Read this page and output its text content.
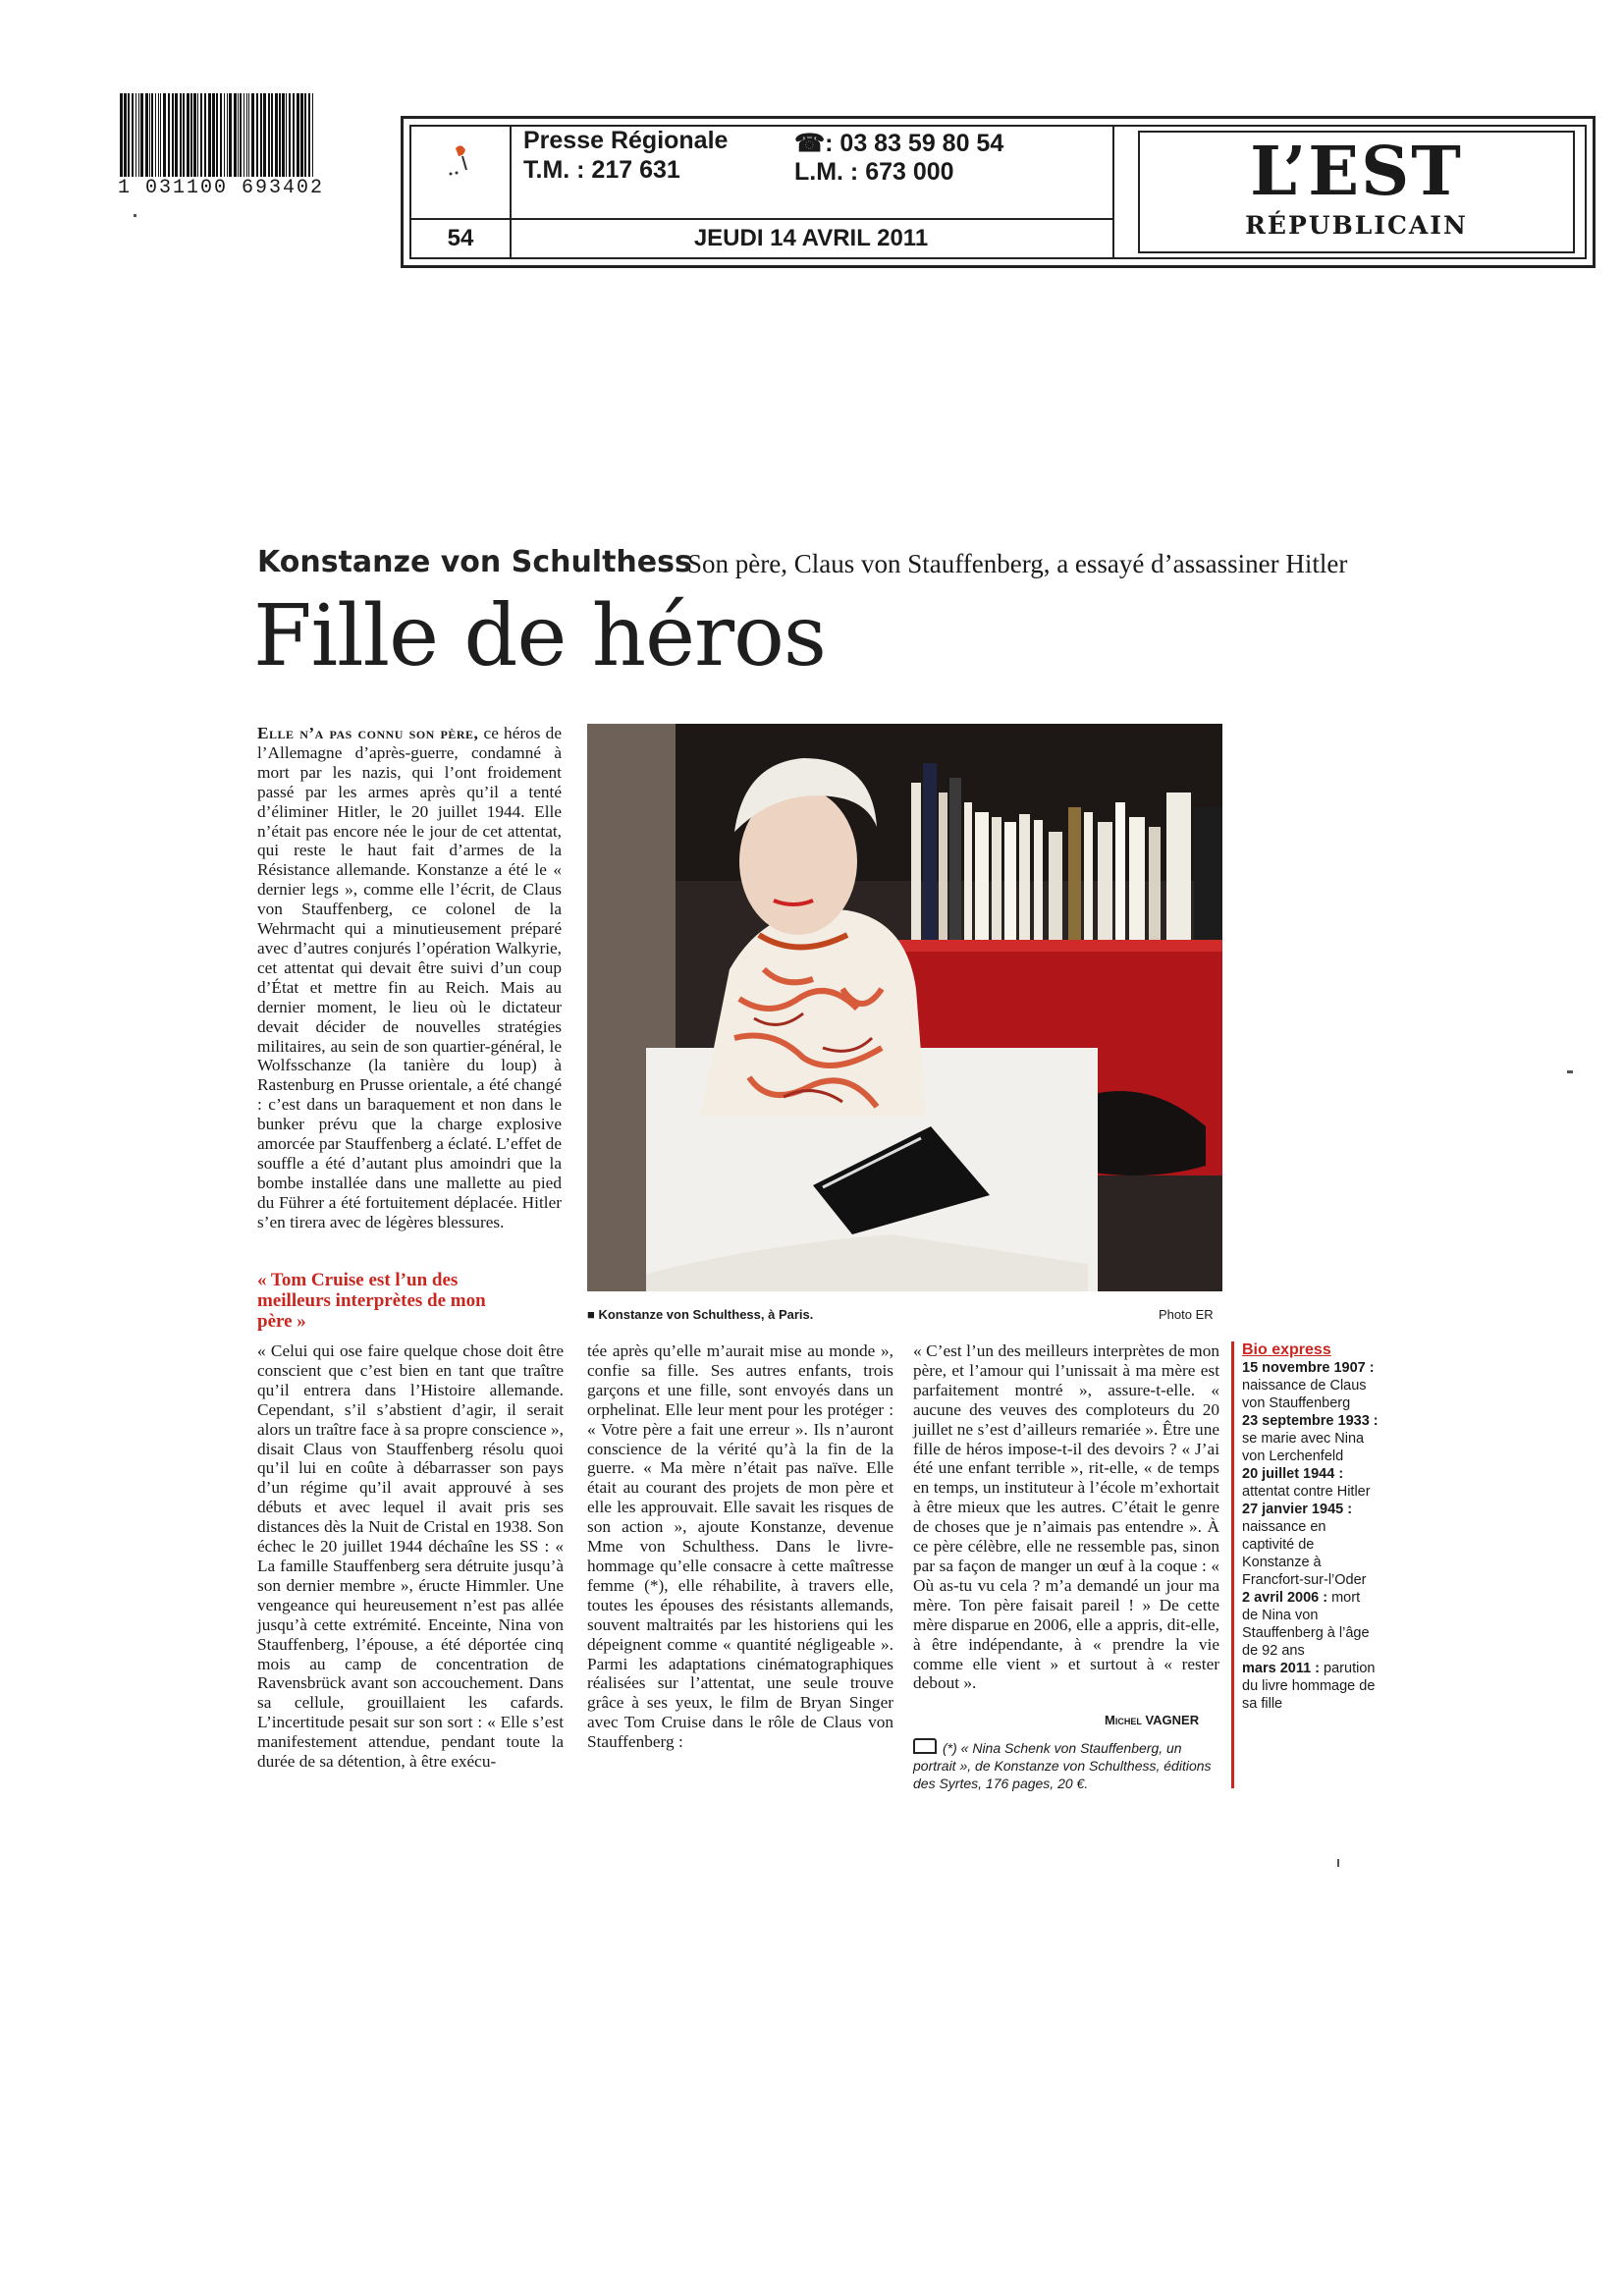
1 031100 693402
54
Presse Régionale	☎: 03 83 59 80 54
T.M. : 217 631	L.M. : 673 000
JEUDI 14 AVRIL 2011
L’EST
RÉPUBLICAIN
Konstanze von Schulthess
Son père, Claus von Stauffenberg, a essayé d’assassiner Hitler
Fille de héros
Elle n’a pas connu son père, ce héros de l’Allemagne d’après-guerre, condamné à mort par les nazis, qui l’ont froidement passé par les armes après qu’il a tenté d’éliminer Hitler, le 20 juillet 1944. Elle n’était pas encore née le jour de cet attentat, qui reste le haut fait d’armes de la Résistance allemande. Konstanze a été le « dernier legs », comme elle l’écrit, de Claus von Stauffenberg, ce colonel de la Wehrmacht qui a minutieusement préparé avec d’autres conjurés l’opération Walkyrie, cet attentat qui devait être suivi d’un coup d’État et mettre fin au Reich. Mais au dernier moment, le lieu où le dictateur devait décider de nouvelles stratégies militaires, au sein de son quartier-général, le Wolfsschanze (la tanière du loup) à Rastenburg en Prusse orientale, a été changé : c’est dans un baraquement et non dans le bunker prévu que la charge explosive amorcée par Stauffenberg a éclaté. L’effet de souffle a été d’autant plus amoindri que la bombe installée dans une mallette au pied du Führer a été fortuitement déplacée. Hitler s’en tirera avec de légères blessures.
« Tom Cruise est l’un des meilleurs interprètes de mon père »	■ Konstanze von Schulthess, à Paris.	Photo ER
« Celui qui ose faire quelque chose doit être conscient que c’est bien en tant que traître qu’il entrera dans l’Histoire allemande. Cependant, s’il s’abstient d’agir, il serait alors un traître face à sa propre conscience », disait Claus von Stauffenberg résolu quoi qu’il lui en coûte à débarrasser son pays d’un régime qu’il avait approuvé à ses débuts et avec lequel il avait pris ses distances dès la Nuit de Cristal en 1938. Son échec le 20 juillet 1944 déchaîne les SS : « La famille Stauffenberg sera détruite jusqu’à son dernier membre », éructe Himmler. Une vengeance qui heureusement n’est pas allée jusqu’à cette extrémité. Enceinte, Nina von Stauffenberg, l’épouse, a été déportée cinq mois au camp de concentration de Ravensbrück avant son accouchement. Dans sa cellule, grouillaient les cafards. L’incertitude pesait sur son sort : « Elle s’est manifestement attendue, pendant toute la durée de sa détention, à être exécu-
tée après qu’elle m’aurait mise au monde », confie sa fille. Ses autres enfants, trois garçons et une fille, sont envoyés dans un orphelinat. Elle leur ment pour les protéger : « Votre père a fait une erreur ». Ils n’auront conscience de la vérité qu’à la fin de la guerre. « Ma mère n’était pas naïve. Elle était au courant des projets de mon père et elle les approuvait. Elle savait les risques de son action », ajoute Konstanze, devenue Mme von Schulthess. Dans le livre-hommage qu’elle consacre à cette maîtresse femme (*), elle réhabilite, à travers elle, toutes les épouses des résistants allemands, souvent maltraités par les historiens qui les dépeignent comme « quantité négligeable ». Parmi les adaptations cinématographiques réalisées sur l’attentat, une seule trouve grâce à ses yeux, le film de Bryan Singer avec Tom Cruise dans le rôle de Claus von Stauffenberg :
« C’est l’un des meilleurs interprètes de mon père, et l’amour qui l’unissait à ma mère est parfaitement montré », assure-t-elle. « aucune des veuves des comploteurs du 20 juillet ne s’est d’ailleurs remariée ». Être une fille de héros impose-t-il des devoirs ? « J’ai été une enfant terrible », rit-elle, « de temps en temps, un instituteur à l’école m’exhortait à être mieux que les autres. C’était le genre de choses que je n’aimais pas entendre ». À ce père célèbre, elle ne ressemble pas, sinon par sa façon de manger un œuf à la coque : « Où as-tu vu cela ? m’a demandé un jour ma mère. Ton père faisait pareil ! » De cette mère disparue en 2006, elle a appris, dit-elle, à être indépendante, à « prendre la vie comme elle vient » et surtout à « rester debout ».
Michel VAGNER
(*) « Nina Schenk von Stauffenberg, un portrait », de Konstanze von Schulthess, éditions des Syrtes, 176 pages, 20 €.
Bio express
15 novembre 1907 : naissance de Claus von Stauffenberg
23 septembre 1933 : se marie avec Nina von Lerchenfeld
20 juillet 1944 : attentat contre Hitler
27 janvier 1945 : naissance en captivité de Konstanze à Francfort-sur-l’Oder
2 avril 2006 : mort de Nina von Stauffenberg à l’âge de 92 ans
mars 2011 : parution du livre hommage de sa fille
